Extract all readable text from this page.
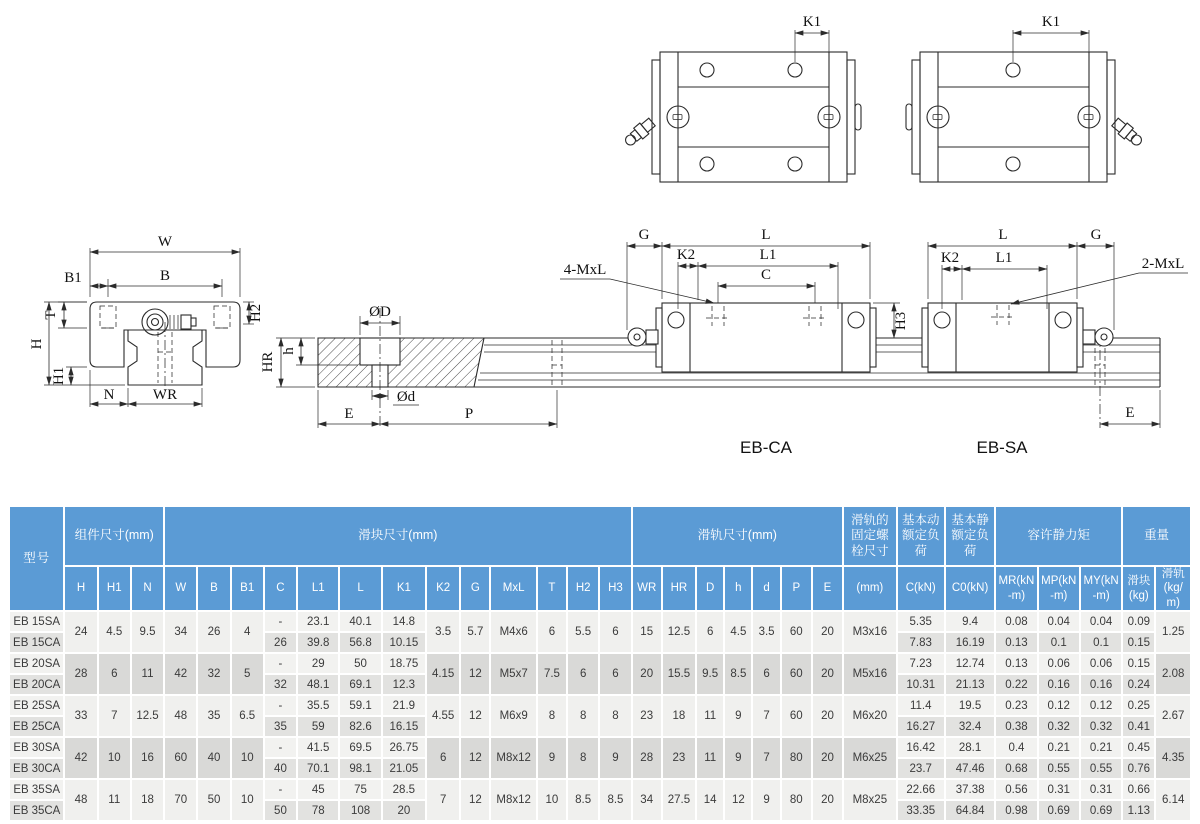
K1	K1
W
B1	B
T	H2
H
H1
N	WR
HR
h
ØD
Ød
E	P
G	L
K2	L1
C
4-MxL
H3
EB-CA
L	G
K2 L1	2-MxL
E
EB-SA
型号	组件尺寸(mm)			滑块尺寸(mm)													滑轨尺寸(mm)							滑轨的固定螺栓尺寸	基本动额定负荷	基本静额定负荷	容许静力矩			重量	
	H	H1	N	W	B	B1	C	L1	L	K1	K2	G	MxL	T	H2	H3	WR	HR	D	h	d	P	E	(mm)	C(kN)	C0(kN)	MR(kN-m)	MP(kN-m)	MY(kN-m)	滑块(kg)	滑轨(kg/m)
EB 15SA	24	4.5	9.5	34	26	4	-	23.1	40.1	14.8	3.5	5.7	M4x6	6	5.5	6	15	12.5	6	4.5	3.5	60	20	M3x16	5.35	9.4	0.08	0.04	0.04	0.09	1.25
EB 15CA							26	39.8	56.8	10.15															7.83	16.19	0.13	0.1	0.1	0.15	
EB 20SA	28	6	11	42	32	5	-	29	50	18.75	4.15	12	M5x7	7.5	6	6	20	15.5	9.5	8.5	6	60	20	M5x16	7.23	12.74	0.13	0.06	0.06	0.15	2.08
EB 20CA							32	48.1	69.1	12.3															10.31	21.13	0.22	0.16	0.16	0.24	
EB 25SA	33	7	12.5	48	35	6.5	-	35.5	59.1	21.9	4.55	12	M6x9	8	8	8	23	18	11	9	7	60	20	M6x20	11.4	19.5	0.23	0.12	0.12	0.25	2.67
EB 25CA							35	59	82.6	16.15															16.27	32.4	0.38	0.32	0.32	0.41	
EB 30SA	42	10	16	60	40	10	-	41.5	69.5	26.75	6	12	M8x12	9	8	9	28	23	11	9	7	80	20	M6x25	16.42	28.1	0.4	0.21	0.21	0.45	4.35
EB 30CA							40	70.1	98.1	21.05															23.7	47.46	0.68	0.55	0.55	0.76	
EB 35SA	48	11	18	70	50	10	-	45	75	28.5	7	12	M8x12	10	8.5	8.5	34	27.5	14	12	9	80	20	M8x25	22.66	37.38	0.56	0.31	0.31	0.66	6.14
EB 35CA							50	78	108	20															33.35	64.84	0.98	0.69	0.69	1.13	
